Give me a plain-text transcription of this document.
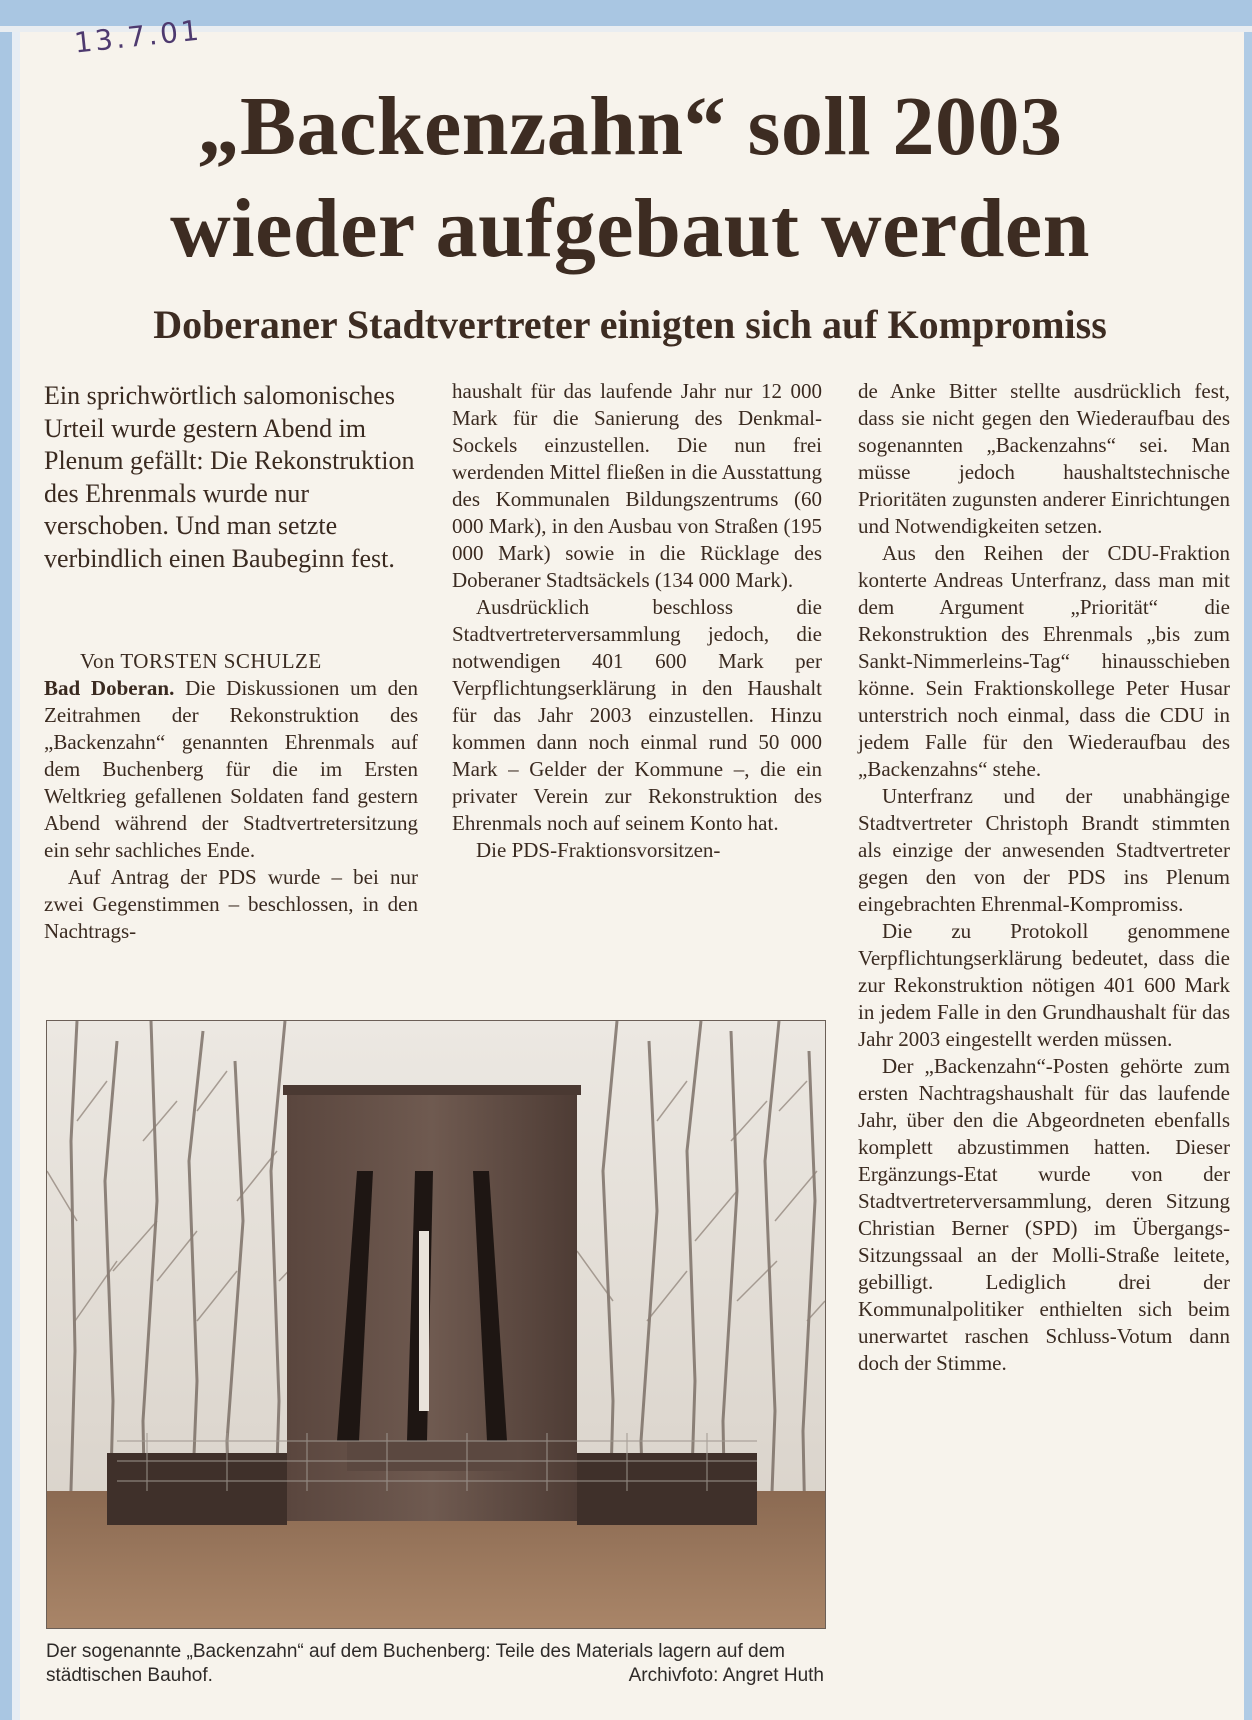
13.7.01
„Backenzahn“ soll 2003
wieder aufgebaut werden
Doberaner Stadtvertreter einigten sich auf Kompromiss

Ein sprichwörtlich salomonisches Urteil wurde gestern Abend im Plenum gefällt: Die Rekonstruktion des Ehrenmals wurde nur verschoben. Und man setzte verbindlich einen Baubeginn fest.

Von TORSTEN SCHULZE

Bad Doberan. Die Diskussionen um den Zeitrahmen der Rekonstruktion des „Backenzahn“ genannten Ehrenmals auf dem Buchenberg für die im Ersten Weltkrieg gefallenen Soldaten fand gestern Abend während der Stadtvertretersitzung ein sehr sachliches Ende.

Auf Antrag der PDS wurde – bei nur zwei Gegenstimmen – beschlossen, in den Nachtrags-

haushalt für das laufende Jahr nur 12 000 Mark für die Sanierung des Denkmal-Sockels einzustellen. Die nun frei werdenden Mittel fließen in die Ausstattung des Kommunalen Bildungszentrums (60 000 Mark), in den Ausbau von Straßen (195 000 Mark) sowie in die Rücklage des Doberaner Stadtsäckels (134 000 Mark).

Ausdrücklich beschloss die Stadtvertreterversammlung jedoch, die notwendigen 401 600 Mark per Verpflichtungserklärung in den Haushalt für das Jahr 2003 einzustellen. Hinzu kommen dann noch einmal rund 50 000 Mark – Gelder der Kommune –, die ein privater Verein zur Rekonstruktion des Ehrenmals noch auf seinem Konto hat.

Die PDS-Fraktionsvorsitzen-

de Anke Bitter stellte ausdrücklich fest, dass sie nicht gegen den Wiederaufbau des sogenannten „Backenzahns“ sei. Man müsse jedoch haushaltstechnische Prioritäten zugunsten anderer Einrichtungen und Notwendigkeiten setzen.

Aus den Reihen der CDU-Fraktion konterte Andreas Unterfranz, dass man mit dem Argument „Priorität“ die Rekonstruktion des Ehrenmals „bis zum Sankt-Nimmerleins-Tag“ hinausschieben könne. Sein Fraktionskollege Peter Husar unterstrich noch einmal, dass die CDU in jedem Falle für den Wiederaufbau des „Backenzahns“ stehe.

Unterfranz und der unabhängige Stadtvertreter Christoph Brandt stimmten als einzige der anwesenden Stadtvertreter gegen den von der PDS ins Plenum eingebrachten Ehrenmal-Kompromiss.

Die zu Protokoll genommene Verpflichtungserklärung bedeutet, dass die zur Rekonstruktion nötigen 401 600 Mark in jedem Falle in den Grundhaushalt für das Jahr 2003 eingestellt werden müssen.

Der „Backenzahn“-Posten gehörte zum ersten Nachtragshaushalt für das laufende Jahr, über den die Abgeordneten ebenfalls komplett abzustimmen hatten. Dieser Ergänzungs-Etat wurde von der Stadtvertreterversammlung, deren Sitzung Christian Berner (SPD) im Übergangs-Sitzungssaal an der Molli-Straße leitete, gebilligt. Lediglich drei der Kommunalpolitiker enthielten sich beim unerwartet raschen Schluss-Votum dann doch der Stimme.

Der sogenannte „Backenzahn“ auf dem Buchenberg: Teile des Materials lagern auf dem städtischen Bauhof.	Archivfoto: Angret Huth
